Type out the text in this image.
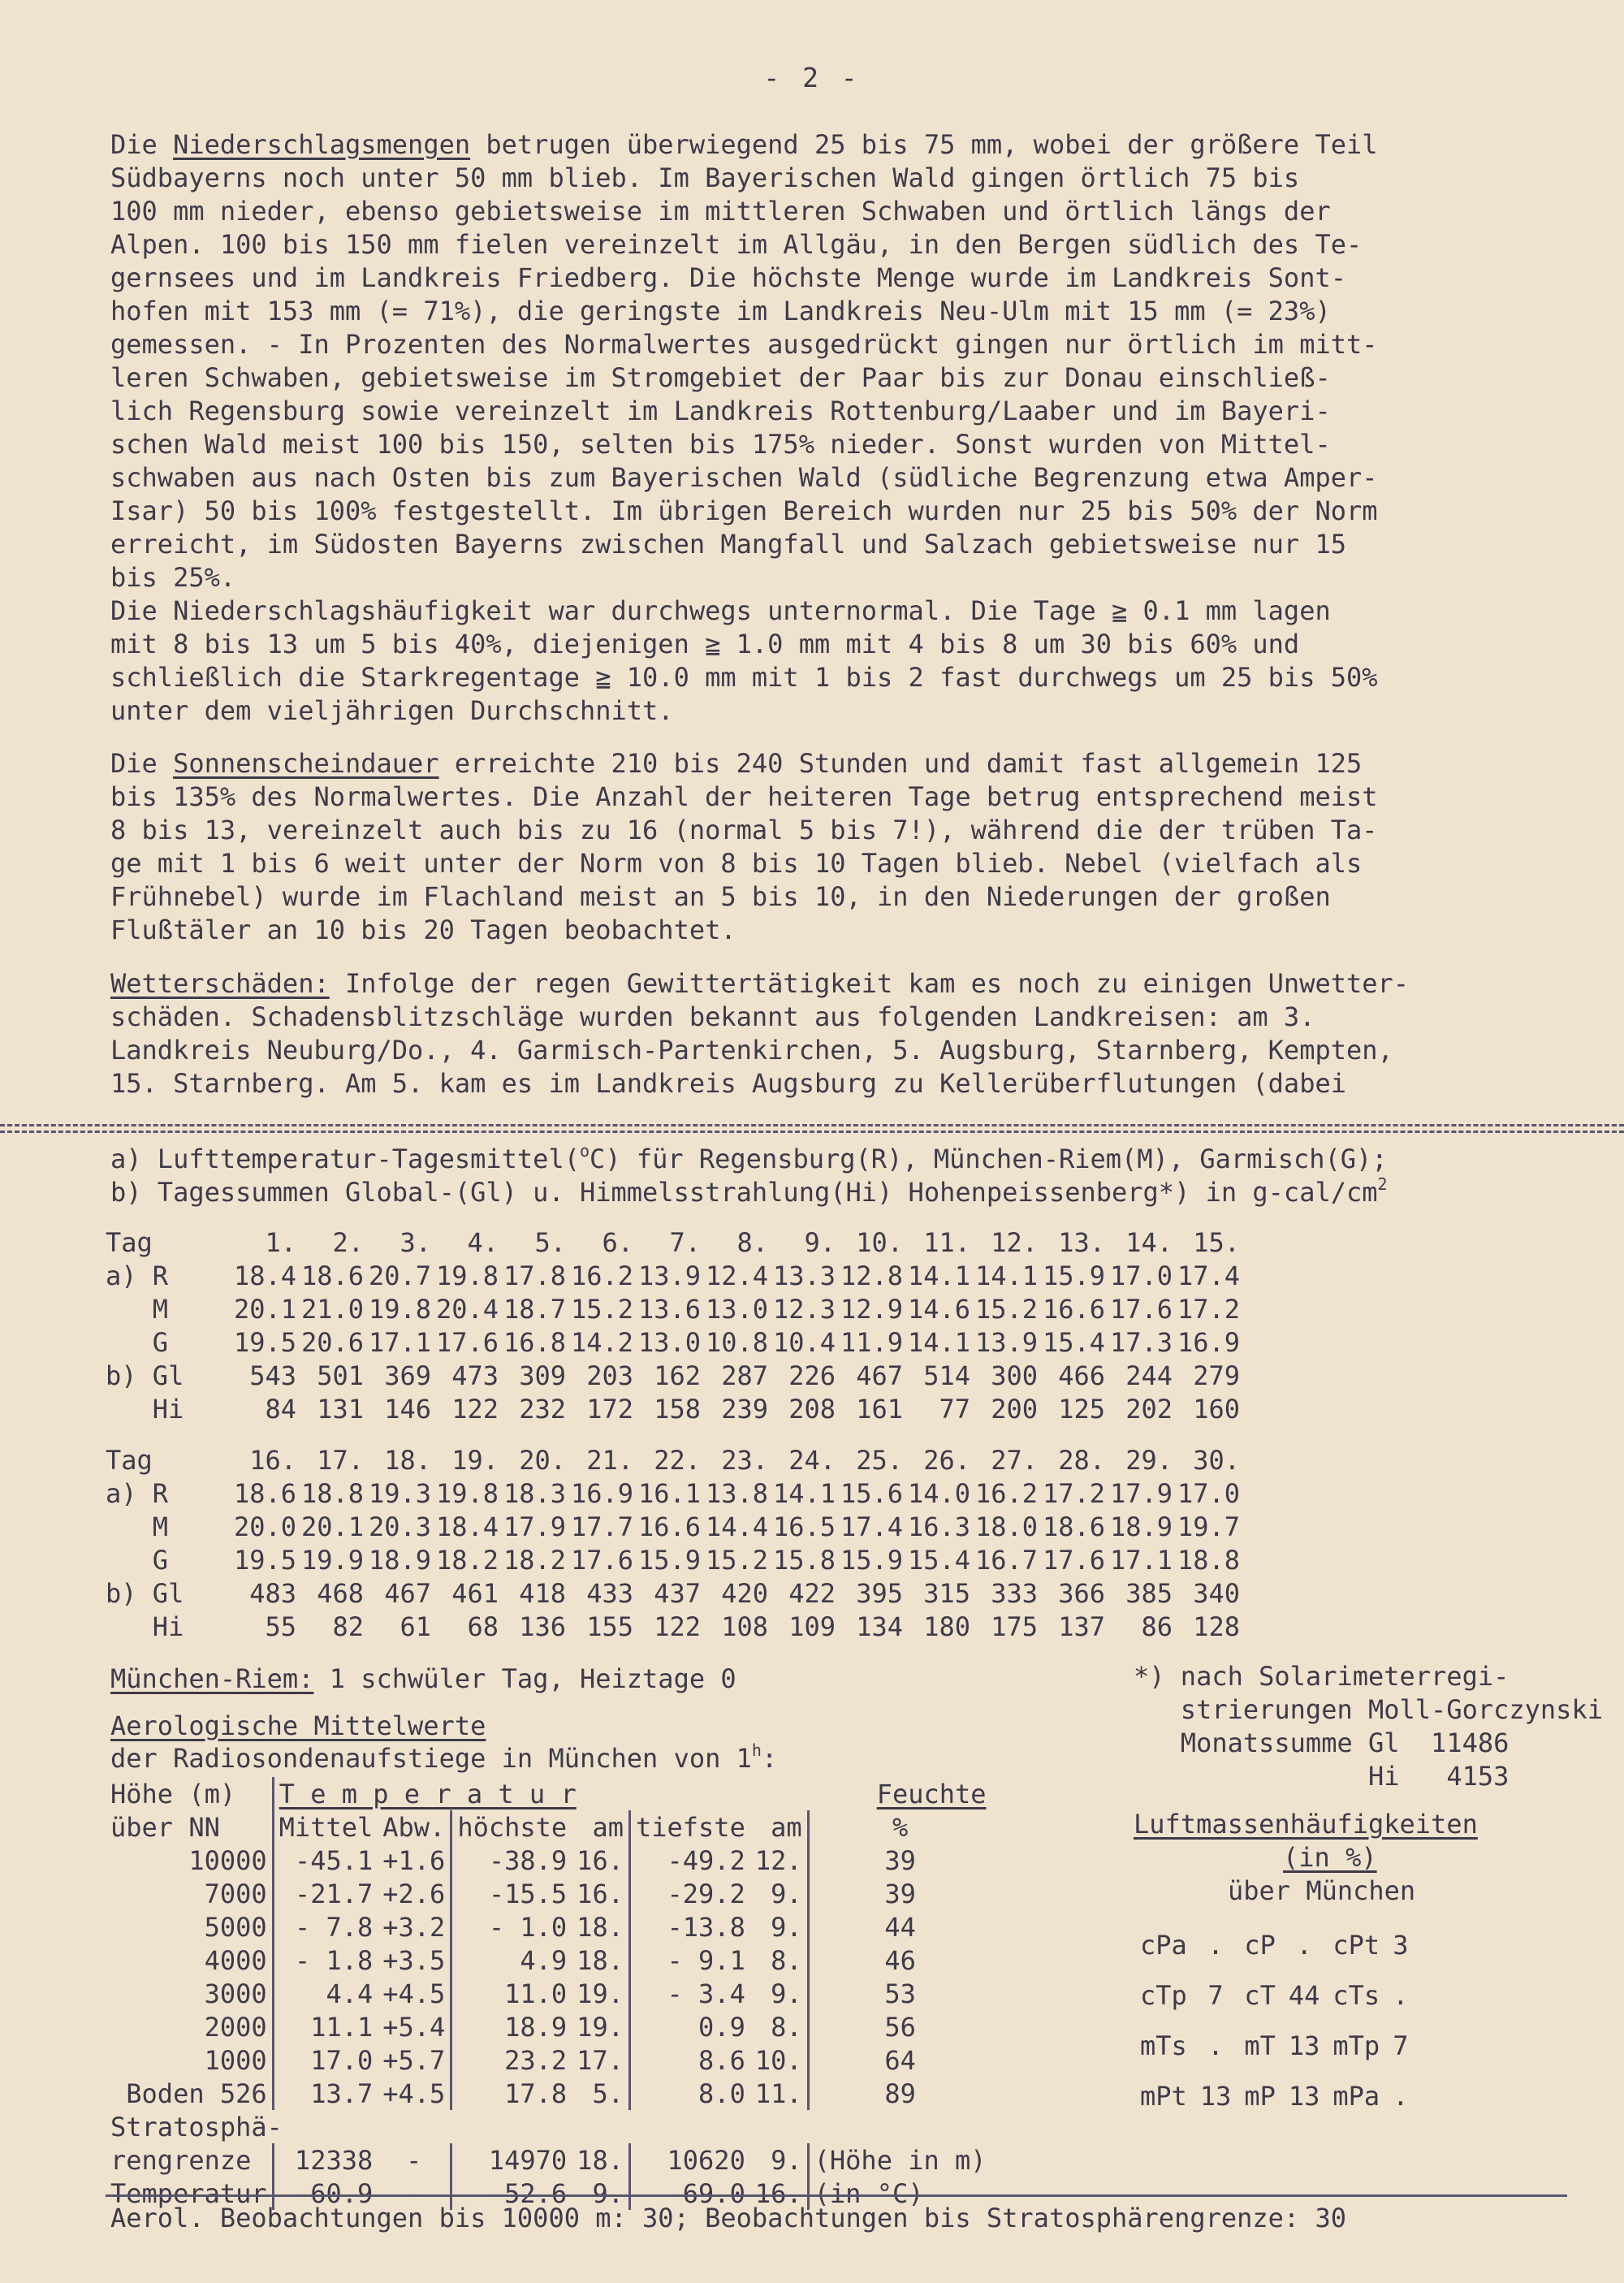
- 2 -

Die Niederschlagsmengen betrugen überwiegend 25 bis 75 mm, wobei der größere Teil
Südbayerns noch unter 50 mm blieb. Im Bayerischen Wald gingen örtlich 75 bis
100 mm nieder, ebenso gebietsweise im mittleren Schwaben und örtlich längs der
Alpen. 100 bis 150 mm fielen vereinzelt im Allgäu, in den Bergen südlich des Te-
gernsees und im Landkreis Friedberg. Die höchste Menge wurde im Landkreis Sont-
hofen mit 153 mm (= 71%), die geringste im Landkreis Neu-Ulm mit 15 mm (= 23%)
gemessen. - In Prozenten des Normalwertes ausgedrückt gingen nur örtlich im mitt-
leren Schwaben, gebietsweise im Stromgebiet der Paar bis zur Donau einschließ-
lich Regensburg sowie vereinzelt im Landkreis Rottenburg/Laaber und im Bayeri-
schen Wald meist 100 bis 150, selten bis 175% nieder. Sonst wurden von Mittel-
schwaben aus nach Osten bis zum Bayerischen Wald (südliche Begrenzung etwa Amper-
Isar) 50 bis 100% festgestellt. Im übrigen Bereich wurden nur 25 bis 50% der Norm
erreicht, im Südosten Bayerns zwischen Mangfall und Salzach gebietsweise nur 15
bis 25%.
Die Niederschlagshäufigkeit war durchwegs unternormal. Die Tage ≧ 0.1 mm lagen
mit 8 bis 13 um 5 bis 40%, diejenigen ≧ 1.0 mm mit 4 bis 8 um 30 bis 60% und
schließlich die Starkregentage ≧ 10.0 mm mit 1 bis 2 fast durchwegs um 25 bis 50%
unter dem vieljährigen Durchschnitt.

Die Sonnenscheindauer erreichte 210 bis 240 Stunden und damit fast allgemein 125
bis 135% des Normalwertes. Die Anzahl der heiteren Tage betrug entsprechend meist
8 bis 13, vereinzelt auch bis zu 16 (normal 5 bis 7!), während die der trüben Ta-
ge mit 1 bis 6 weit unter der Norm von 8 bis 10 Tagen blieb. Nebel (vielfach als
Frühnebel) wurde im Flachland meist an 5 bis 10, in den Niederungen der großen
Flußtäler an 10 bis 20 Tagen beobachtet.

Wetterschäden: Infolge der regen Gewittertätigkeit kam es noch zu einigen Unwetter-
schäden. Schadensblitzschläge wurden bekannt aus folgenden Landkreisen: am 3.
Landkreis Neuburg/Do., 4. Garmisch-Partenkirchen, 5. Augsburg, Starnberg, Kempten,
15. Starnberg. Am 5. kam es im Landkreis Augsburg zu Kellerüberflutungen (dabei

a) Lufttemperatur-Tagesmittel($^o$C) für Regensburg(R), München-Riem(M), Garmisch(G);
b) Tagessummen Global-(Gl) u. Himmelsstrahlung(Hi) Hohenpeissenberg*) in $g-cal/cm^2$
Tag	1.	2.	3.	4.	5.	6.	7.	8.	9.	10.	11.	12.	13.	14.	15.
a) R	18.4	18.6	20.7	19.8	17.8	16.2	13.9	12.4	13.3	12.8	14.1	14.1	15.9	17.0	17.4
M	20.1	21.0	19.8	20.4	18.7	15.2	13.6	13.0	12.3	12.9	14.6	15.2	16.6	17.6	17.2
G	19.5	20.6	17.1	17.6	16.8	14.2	13.0	10.8	10.4	11.9	14.1	13.9	15.4	17.3	16.9
b) Gl	543	501	369	473	309	203	162	287	226	467	514	300	466	244	279
Hi	84	131	146	122	232	172	158	239	208	161	77	200	125	202	160
Tag	16.	17.	18.	19.	20.	21.	22.	23.	24.	25.	26.	27.	28.	29.	30.
a) R	18.6	18.8	19.3	19.8	18.3	16.9	16.1	13.8	14.1	15.6	14.0	16.2	17.2	17.9	17.0
M	20.0	20.1	20.3	18.4	17.9	17.7	16.6	14.4	16.5	17.4	16.3	18.0	18.6	18.9	19.7
G	19.5	19.9	18.9	18.2	18.2	17.6	15.9	15.2	15.8	15.9	15.4	16.7	17.6	17.1	18.8
b) Gl	483	468	467	461	418	433	437	420	422	395	315	333	366	385	340
Hi	55	82	61	68	136	155	122	108	109	134	180	175	137	86	128
München-Riem: 1 schwüler Tag, Heiztage 0	*) nach Solarimeterregi-
strierungen Moll-Gorczynski
Monatssumme Gl  11486
Hi   4153
Aerologische Mittelwerte
der Radiosondenaufstiege in München von 1$^h$:
Höhe (m)	T e m p e r a t u r						Feuchte
über NN	Mittel	Abw.	höchste	am	tiefste	am	%
10000	-45.1	+1.6	-38.9	16.	-49.2	12.	39
7000	-21.7	+2.6	-15.5	16.	-29.2	9.	39
5000	- 7.8	+3.2	- 1.0	18.	-13.8	9.	44
4000	- 1.8	+3.5	4.9	18.	- 9.1	8.	46
3000	4.4	+4.5	11.0	19.	- 3.4	9.	53
2000	11.1	+5.4	18.9	19.	0.9	8.	56
1000	17.0	+5.7	23.2	17.	8.6	10.	64
Boden 526	13.7	+4.5	17.8	5.	8.0	11.	89
Stratosphä-							
rengrenze	12338	-	14970	18.	10620	9.	(Höhe in m)
Temperatur	-60.9	-	-52.6	9.	-69.0	16.	(in °C)
Aerol. Beobachtungen bis 10000 m: 30; Beobachtungen bis Stratosphärengrenze: 30
Luftmassenhäufigkeiten
(in %)
über München
cPa	.	cP	.	cPt	3
cTp	7	cT	44	cTs	.
mTs	.	mT	13	mTp	7
mPt	13	mP	13	mPa	.
